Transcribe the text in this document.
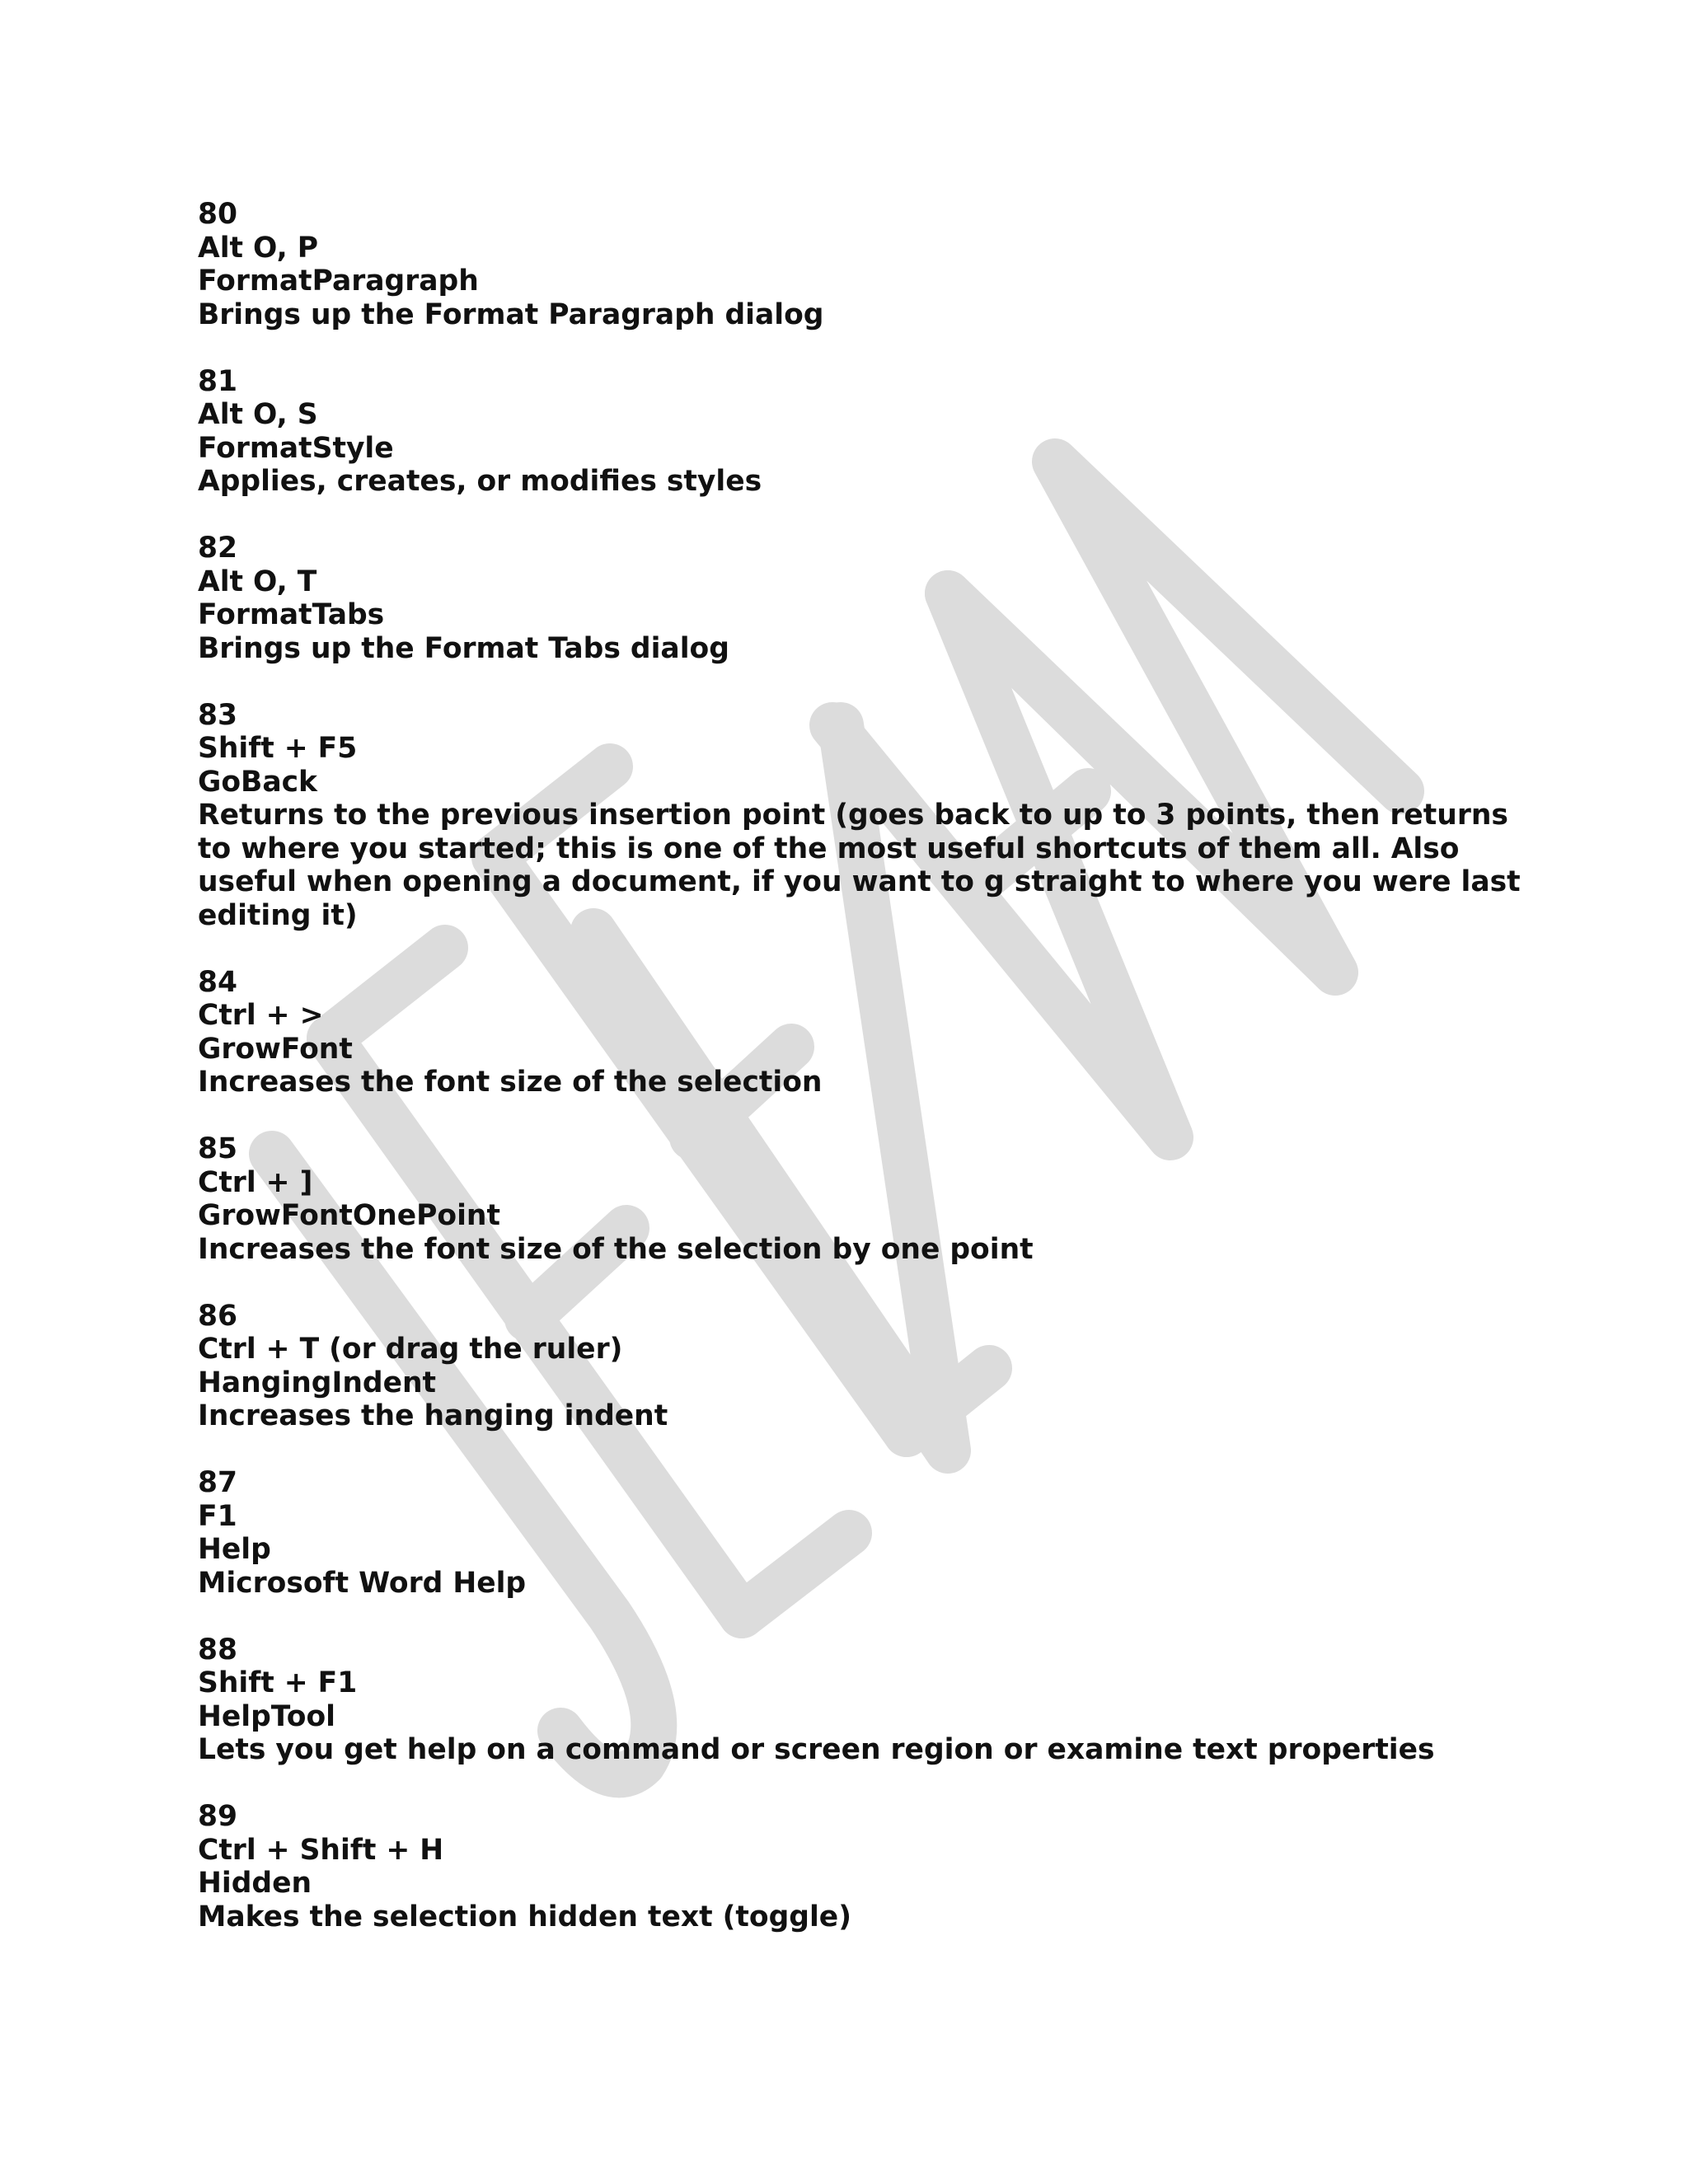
80
Alt O, P
FormatParagraph
Brings up the Format Paragraph dialog
81
Alt O, S
FormatStyle
Applies, creates, or modifies styles
82
Alt O, T
FormatTabs
Brings up the Format Tabs dialog
83
Shift + F5
GoBack
Returns to the previous insertion point (goes back to up to 3 points, then returns
to where you started; this is one of the most useful shortcuts of them all. Also
useful when opening a document, if you want to g straight to where you were last
editing it)
84
Ctrl + >
GrowFont
Increases the font size of the selection
85
Ctrl + ]
GrowFontOnePoint
Increases the font size of the selection by one point
86
Ctrl + T (or drag the ruler)
HangingIndent
Increases the hanging indent
87
F1
Help
Microsoft Word Help
88
Shift + F1
HelpTool
Lets you get help on a command or screen region or examine text properties
89
Ctrl + Shift + H
Hidden
Makes the selection hidden text (toggle)
